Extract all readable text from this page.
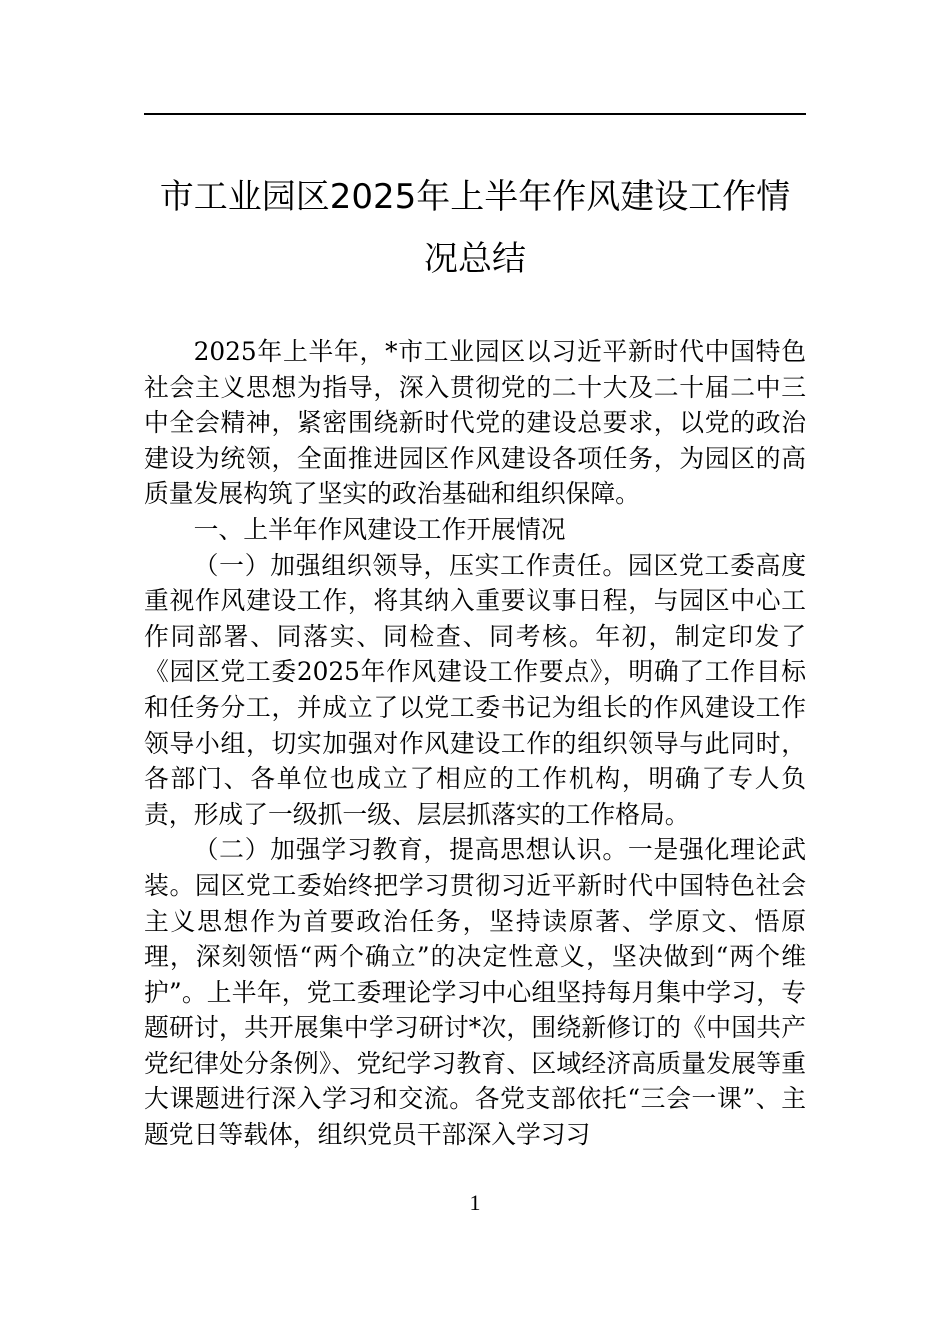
市工业园区2025年上半年作风建设工作情况总结

2025年上半年，*市工业园区以习近平新时代中国特色社会主义思想为指导，深入贯彻党的二十大及二十届二中三中全会精神，紧密围绕新时代党的建设总要求，以党的政治建设为统领，全面推进园区作风建设各项任务，为园区的高质量发展构筑了坚实的政治基础和组织保障。

一、上半年作风建设工作开展情况

（一）加强组织领导，压实工作责任。园区党工委高度重视作风建设工作，将其纳入重要议事日程，与园区中心工作同部署、同落实、同检查、同考核。年初，制定印发了《园区党工委2025年作风建设工作要点》，明确了工作目标和任务分工，并成立了以党工委书记为组长的作风建设工作领导小组，切实加强对作风建设工作的组织领导与此同时，各部门、各单位也成立了相应的工作机构，明确了专人负责，形成了一级抓一级、层层抓落实的工作格局。

（二）加强学习教育，提高思想认识。一是强化理论武装。园区党工委始终把学习贯彻习近平新时代中国特色社会主义思想作为首要政治任务，坚持读原著、学原文、悟原理，深刻领悟“两个确立”的决定性意义，坚决做到“两个维护”。上半年，党工委理论学习中心组坚持每月集中学习，专题研讨，共开展集中学习研讨*次，围绕新修订的《中国共产党纪律处分条例》、党纪学习教育、区域经济高质量发展等重大课题进行深入学习和交流。各党支部依托“三会一课”、主题党日等载体，组织党员干部深入学习习

1
